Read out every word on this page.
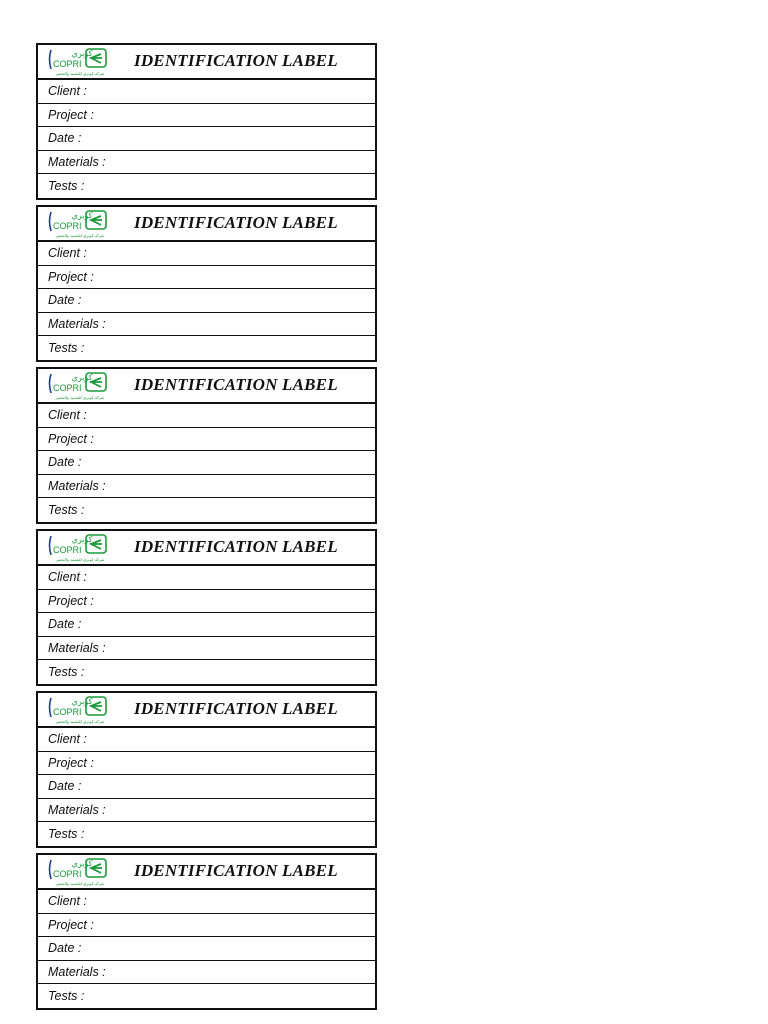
كوبري
COPRI
شركة كوبري للتشييد والتعمير
IDENTIFICATION LABEL
Client :
Project :
Date :
Materials :
Tests :
كوبري
COPRI
شركة كوبري للتشييد والتعمير
IDENTIFICATION LABEL
Client :
Project :
Date :
Materials :
Tests :
كوبري
COPRI
شركة كوبري للتشييد والتعمير
IDENTIFICATION LABEL
Client :
Project :
Date :
Materials :
Tests :
كوبري
COPRI
شركة كوبري للتشييد والتعمير
IDENTIFICATION LABEL
Client :
Project :
Date :
Materials :
Tests :
كوبري
COPRI
شركة كوبري للتشييد والتعمير
IDENTIFICATION LABEL
Client :
Project :
Date :
Materials :
Tests :
كوبري
COPRI
شركة كوبري للتشييد والتعمير
IDENTIFICATION LABEL
Client :
Project :
Date :
Materials :
Tests :
